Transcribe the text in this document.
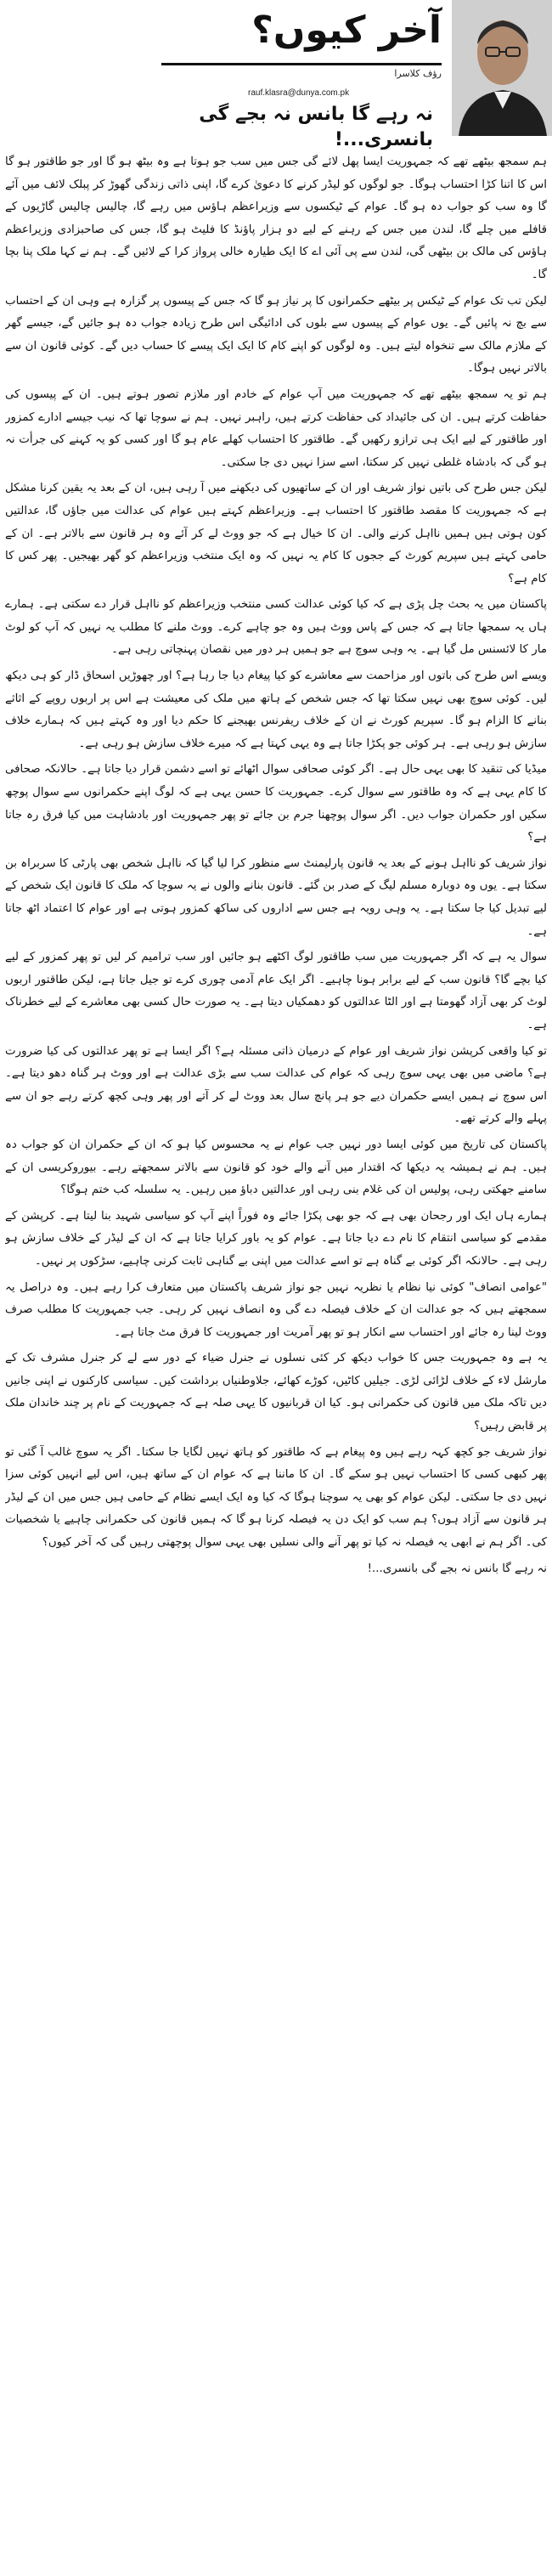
آخر کیوں؟
رؤف کلاسرا
rauf.klasra@dunya.com.pk
نہ رہے گا بانس نہ بجے گی بانسری...!

ہم سمجھ بیٹھے تھے کہ جمہوریت ایسا پھل لائے گی جس میں سب جو ہوتا ہے وہ بیٹھ ہو گا اور جو طاقتور ہو گا اس کا اتنا کڑا احتساب ہوگا۔ جو لوگوں کو لیڈر کرنے کا دعویٰ کرے گا، اپنی ذاتی زندگی گھوڑ کر پبلک لائف میں آئے گا وہ سب کو جواب دہ ہو گا۔ عوام کے ٹیکسوں سے وزیراعظم ہاؤس میں رہے گا، چالیس چالیس گاڑیوں کے قافلے میں چلے گا، لندن میں جس کے رہنے کے لیے دو ہزار پاؤنڈ کا فلیٹ ہو گا، جس کی صاحبزادی وزیراعظم ہاؤس کی مالک بن بیٹھی گی، لندن سے پی آئی اے کا ایک طیارہ خالی پرواز کرا کے لائیں گے۔ ہم نے کہا ملک پنا بچا گا۔

لیکن تب تک عوام کے ٹیکس پر بیٹھے حکمرانوں کا پر نیاز ہو گا کہ جس کے پیسوں پر گزارہ ہے وہی ان کے احتساب سے بچ نہ پائیں گے۔ یوں عوام کے پیسوں سے بلوں کی ادائیگی اس طرح زیادہ جواب دہ ہو جائیں گے، جیسے گھر کے ملازم مالک سے تنخواہ لیتے ہیں۔ وہ لوگوں کو اپنے کام کا ایک ایک پیسے کا حساب دیں گے۔ کوئی قانون ان سے بالاتر نہیں ہوگا۔

ہم تو یہ سمجھ بیٹھے تھے کہ جمہوریت میں آپ عوام کے خادم اور ملازم تصور ہوتے ہیں۔ ان کے پیسوں کی حفاظت کرتے ہیں۔ ان کی جائیداد کی حفاظت کرتے ہیں، راہبر نہیں۔ ہم نے سوچا تھا کہ نیب جیسے ادارے کمزور اور طاقتور کے لیے ایک ہی ترازو رکھیں گے۔ طاقتور کا احتساب کھلے عام ہو گا اور کسی کو یہ کہنے کی جرأت نہ ہو گی کہ بادشاہ غلطی نہیں کر سکتا، اسے سزا نہیں دی جا سکتی۔

لیکن جس طرح کی باتیں نواز شریف اور ان کے ساتھیوں کی دیکھنے میں آ رہی ہیں، ان کے بعد یہ یقین کرنا مشکل ہے کہ جمہوریت کا مقصد طاقتور کا احتساب ہے۔ وزیراعظم کہتے ہیں عوام کی عدالت میں جاؤں گا، عدالتیں کون ہوتی ہیں ہمیں نااہل کرنے والی۔ ان کا خیال ہے کہ جو ووٹ لے کر آئے وہ ہر قانون سے بالاتر ہے۔ ان کے حامی کہتے ہیں سپریم کورٹ کے ججوں کا کام یہ نہیں کہ وہ ایک منتخب وزیراعظم کو گھر بھیجیں۔ پھر کس کا کام ہے؟

پاکستان میں یہ بحث چل پڑی ہے کہ کیا کوئی عدالت کسی منتخب وزیراعظم کو نااہل قرار دے سکتی ہے۔ ہمارے ہاں یہ سمجھا جاتا ہے کہ جس کے پاس ووٹ ہیں وہ جو چاہے کرے۔ ووٹ ملنے کا مطلب یہ نہیں کہ آپ کو لوٹ مار کا لائسنس مل گیا ہے۔ یہ وہی سوچ ہے جو ہمیں ہر دور میں نقصان پہنچاتی رہی ہے۔

ویسے اس طرح کی باتوں اور مزاحمت سے معاشرے کو کیا پیغام دیا جا رہا ہے؟ اور چھوڑیں اسحاق ڈار کو ہی دیکھ لیں۔ کوئی سوچ بھی نہیں سکتا تھا کہ جس شخص کے ہاتھ میں ملک کی معیشت ہے اس پر اربوں روپے کے اثاثے بنانے کا الزام ہو گا۔ سپریم کورٹ نے ان کے خلاف ریفرنس بھیجنے کا حکم دیا اور وہ کہتے ہیں کہ ہمارے خلاف سازش ہو رہی ہے۔ ہر کوئی جو پکڑا جاتا ہے وہ یہی کہتا ہے کہ میرے خلاف سازش ہو رہی ہے۔

میڈیا کی تنقید کا بھی یہی حال ہے۔ اگر کوئی صحافی سوال اٹھائے تو اسے دشمن قرار دیا جاتا ہے۔ حالانکہ صحافی کا کام یہی ہے کہ وہ طاقتور سے سوال کرے۔ جمہوریت کا حسن یہی ہے کہ لوگ اپنے حکمرانوں سے سوال پوچھ سکیں اور حکمران جواب دیں۔ اگر سوال پوچھنا جرم بن جائے تو پھر جمہوریت اور بادشاہت میں کیا فرق رہ جاتا ہے؟

نواز شریف کو نااہل ہونے کے بعد یہ قانون پارلیمنٹ سے منظور کرا لیا گیا کہ نااہل شخص بھی پارٹی کا سربراہ بن سکتا ہے۔ یوں وہ دوبارہ مسلم لیگ کے صدر بن گئے۔ قانون بنانے والوں نے یہ سوچا کہ ملک کا قانون ایک شخص کے لیے تبدیل کیا جا سکتا ہے۔ یہ وہی رویہ ہے جس سے اداروں کی ساکھ کمزور ہوتی ہے اور عوام کا اعتماد اٹھ جاتا ہے۔

سوال یہ ہے کہ اگر جمہوریت میں سب طاقتور لوگ اکٹھے ہو جائیں اور سب ترامیم کر لیں تو پھر کمزور کے لیے کیا بچے گا؟ قانون سب کے لیے برابر ہونا چاہیے۔ اگر ایک عام آدمی چوری کرے تو جیل جاتا ہے، لیکن طاقتور اربوں لوٹ کر بھی آزاد گھومتا ہے اور الٹا عدالتوں کو دھمکیاں دیتا ہے۔ یہ صورت حال کسی بھی معاشرے کے لیے خطرناک ہے۔

تو کیا واقعی کرپشن نواز شریف اور عوام کے درمیان ذاتی مسئلہ ہے؟ اگر ایسا ہے تو پھر عدالتوں کی کیا ضرورت ہے؟ ماضی میں بھی یہی سوچ رہی کہ عوام کی عدالت سب سے بڑی عدالت ہے اور ووٹ ہر گناہ دھو دیتا ہے۔ اس سوچ نے ہمیں ایسے حکمران دیے جو ہر پانچ سال بعد ووٹ لے کر آتے اور پھر وہی کچھ کرتے رہے جو ان سے پہلے والے کرتے تھے۔

پاکستان کی تاریخ میں کوئی ایسا دور نہیں جب عوام نے یہ محسوس کیا ہو کہ ان کے حکمران ان کو جواب دہ ہیں۔ ہم نے ہمیشہ یہ دیکھا کہ اقتدار میں آنے والے خود کو قانون سے بالاتر سمجھتے رہے۔ بیوروکریسی ان کے سامنے جھکتی رہی، پولیس ان کی غلام بنی رہی اور عدالتیں دباؤ میں رہیں۔ یہ سلسلہ کب ختم ہوگا؟

ہمارے ہاں ایک اور رجحان بھی ہے کہ جو بھی پکڑا جائے وہ فوراً اپنے آپ کو سیاسی شہید بنا لیتا ہے۔ کرپشن کے مقدمے کو سیاسی انتقام کا نام دے دیا جاتا ہے۔ عوام کو یہ باور کرایا جاتا ہے کہ ان کے لیڈر کے خلاف سازش ہو رہی ہے۔ حالانکہ اگر کوئی بے گناہ ہے تو اسے عدالت میں اپنی بے گناہی ثابت کرنی چاہیے، سڑکوں پر نہیں۔

"عوامی انصاف" کوئی نیا نظام یا نظریہ نہیں جو نواز شریف پاکستان میں متعارف کرا رہے ہیں۔ وہ دراصل یہ سمجھتے ہیں کہ جو عدالت ان کے خلاف فیصلہ دے گی وہ انصاف نہیں کر رہی۔ جب جمہوریت کا مطلب صرف ووٹ لینا رہ جائے اور احتساب سے انکار ہو تو پھر آمریت اور جمہوریت کا فرق مٹ جاتا ہے۔

یہ ہے وہ جمہوریت جس کا خواب دیکھ کر کئی نسلوں نے جنرل ضیاء کے دور سے لے کر جنرل مشرف تک کے مارشل لاء کے خلاف لڑائی لڑی۔ جیلیں کاٹیں، کوڑے کھائے، جلاوطنیاں برداشت کیں۔ سیاسی کارکنوں نے اپنی جانیں دیں تاکہ ملک میں قانون کی حکمرانی ہو۔ کیا ان قربانیوں کا یہی صلہ ہے کہ جمہوریت کے نام پر چند خاندان ملک پر قابض رہیں؟

نواز شریف جو کچھ کہہ رہے ہیں وہ پیغام ہے کہ طاقتور کو ہاتھ نہیں لگایا جا سکتا۔ اگر یہ سوچ غالب آ گئی تو پھر کبھی کسی کا احتساب نہیں ہو سکے گا۔ ان کا ماننا ہے کہ عوام ان کے ساتھ ہیں، اس لیے انہیں کوئی سزا نہیں دی جا سکتی۔ لیکن عوام کو بھی یہ سوچنا ہوگا کہ کیا وہ ایک ایسے نظام کے حامی ہیں جس میں ان کے لیڈر ہر قانون سے آزاد ہوں؟ ہم سب کو ایک دن یہ فیصلہ کرنا ہو گا کہ ہمیں قانون کی حکمرانی چاہیے یا شخصیات کی۔ اگر ہم نے ابھی یہ فیصلہ نہ کیا تو پھر آنے والی نسلیں بھی یہی سوال پوچھتی رہیں گی کہ آخر کیوں؟

نہ رہے گا بانس نہ بجے گی بانسری...!
